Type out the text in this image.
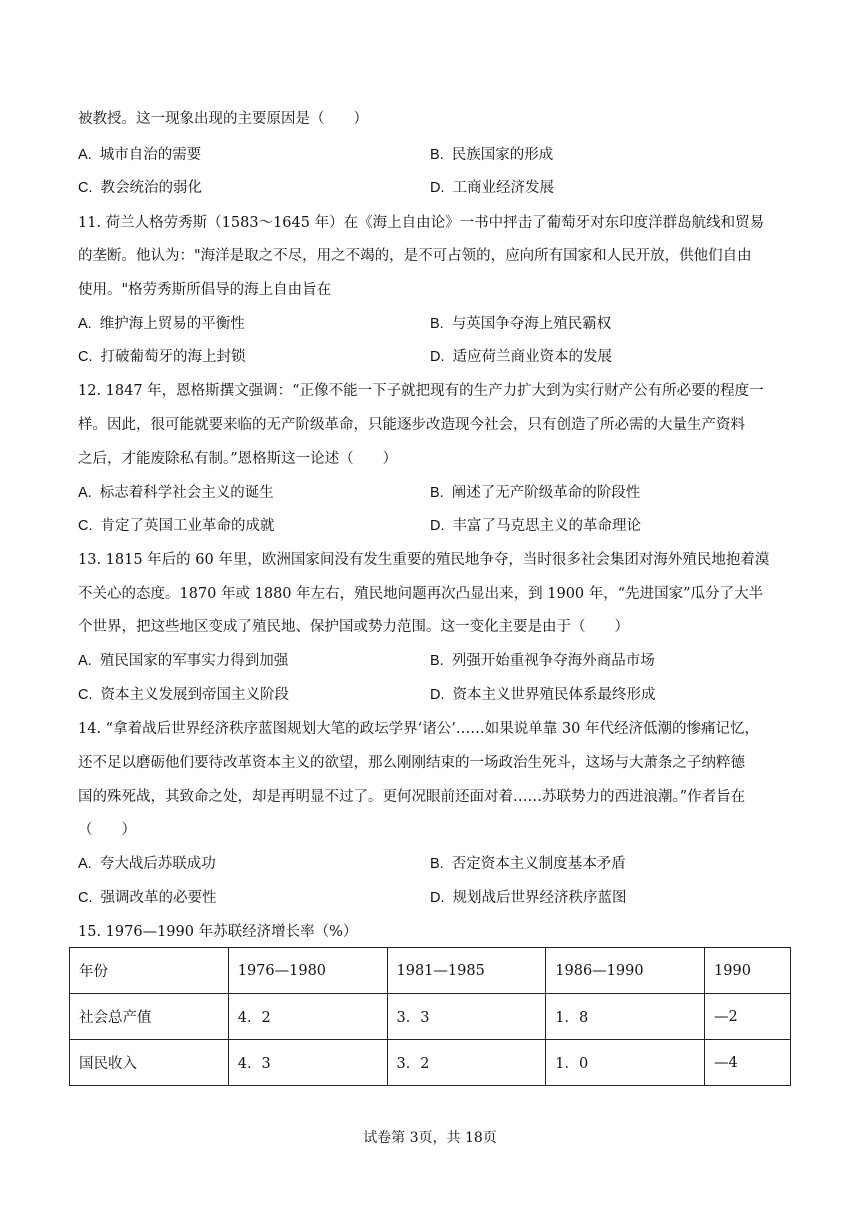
被教授。这一现象出现的主要原因是（　　）
A. 城市自治的需要	B. 民族国家的形成
C. 教会统治的弱化	D. 工商业经济发展
11. 荷兰人格劳秀斯（1583～1645 年）在《海上自由论》一书中抨击了葡萄牙对东印度洋群岛航线和贸易
的垄断。他认为："海洋是取之不尽，用之不竭的，是不可占领的，应向所有国家和人民开放，供他们自由
使用。"格劳秀斯所倡导的海上自由旨在
A. 维护海上贸易的平衡性	B. 与英国争夺海上殖民霸权
C. 打破葡萄牙的海上封锁	D. 适应荷兰商业资本的发展
12. 1847 年，恩格斯撰文强调：“正像不能一下子就把现有的生产力扩大到为实行财产公有所必要的程度一
样。因此，很可能就要来临的无产阶级革命，只能逐步改造现今社会，只有创造了所必需的大量生产资料
之后，才能废除私有制。”恩格斯这一论述（　　）
A. 标志着科学社会主义的诞生	B. 阐述了无产阶级革命的阶段性
C. 肯定了英国工业革命的成就	D. 丰富了马克思主义的革命理论
13. 1815 年后的 60 年里，欧洲国家间没有发生重要的殖民地争夺，当时很多社会集团对海外殖民地抱着漠
不关心的态度。1870 年或 1880 年左右，殖民地问题再次凸显出来，到 1900 年，“先进国家”瓜分了大半
个世界，把这些地区变成了殖民地、保护国或势力范围。这一变化主要是由于（　　）
A. 殖民国家的军事实力得到加强	B. 列强开始重视争夺海外商品市场
C. 资本主义发展到帝国主义阶段	D. 资本主义世界殖民体系最终形成
14. “拿着战后世界经济秩序蓝图规划大笔的政坛学界‘诸公’……如果说单靠 30 年代经济低潮的惨痛记忆，
还不足以磨砺他们要待改革资本主义的欲望，那么刚刚结束的一场政治生死斗，这场与大萧条之子纳粹德
国的殊死战，其致命之处，却是再明显不过了。更何况眼前还面对着……苏联势力的西进浪潮。”作者旨在
（　　）
A. 夸大战后苏联成功	B. 否定资本主义制度基本矛盾
C. 强调改革的必要性	D. 规划战后世界经济秩序蓝图
15. 1976—1990 年苏联经济增长率（%）
年份	1976—1980	1981—1985	1986—1990	1990
社会总产值	4．2	3．3	1．8	—2
国民收入	4．3	3．2	1．0	—4
试卷第 3页，共 18页
